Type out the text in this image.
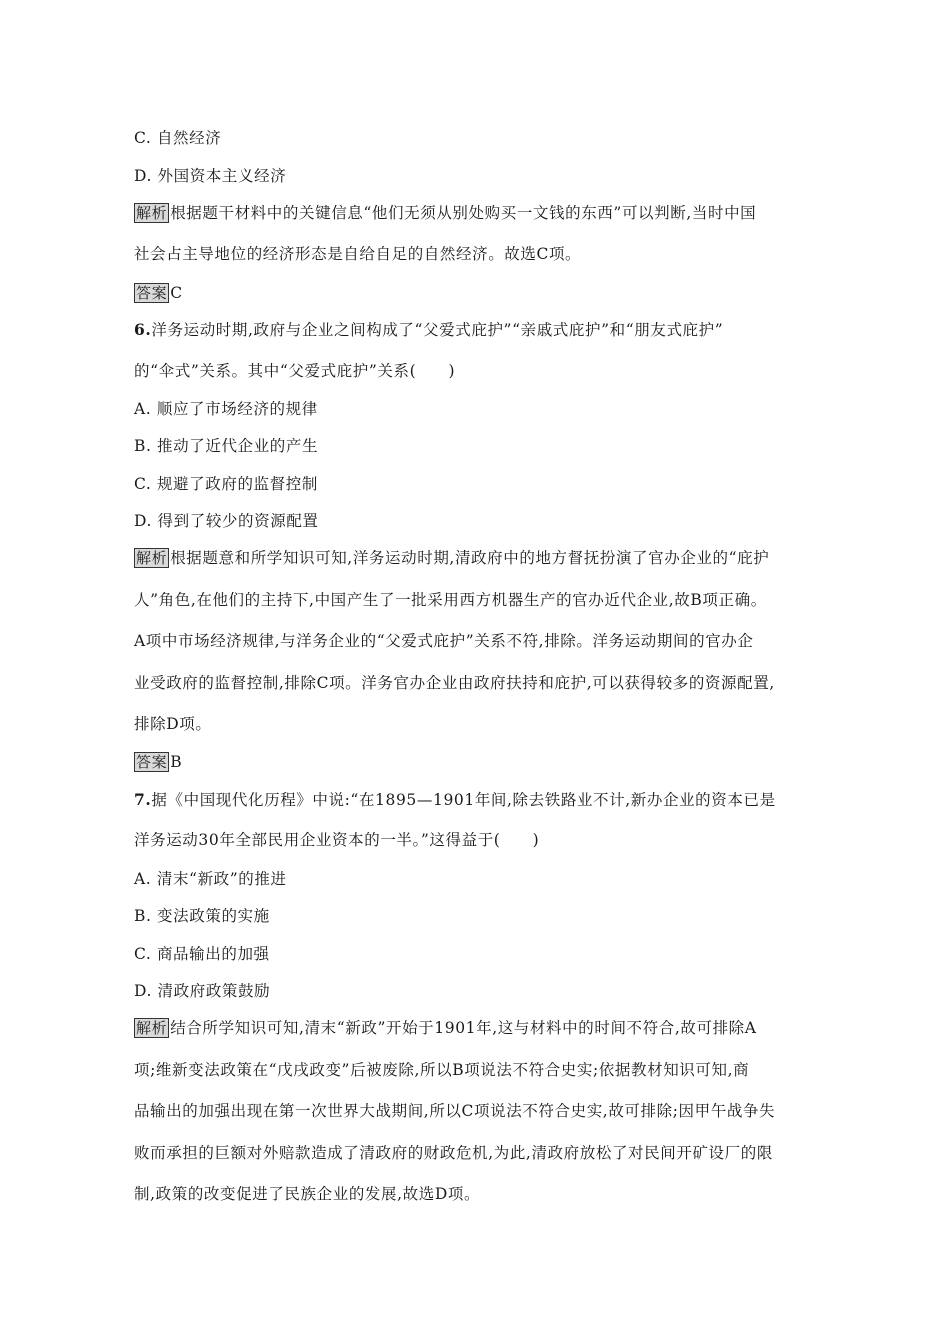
C. 自然经济
D. 外国资本主义经济
解析 根据题干材料中的关键信息“他们无须从别处购买一文钱的东西”可以判断,当时中国
社会占主导地位的经济形态是自给自足的自然经济。故选C项。
答案 C
6.洋务运动时期,政府与企业之间构成了“父爱式庇护”“亲戚式庇护”和“朋友式庇护”
的“伞式”关系。其中“父爱式庇护”关系(　　)
A. 顺应了市场经济的规律
B. 推动了近代企业的产生
C. 规避了政府的监督控制
D. 得到了较少的资源配置
解析 根据题意和所学知识可知,洋务运动时期,清政府中的地方督抚扮演了官办企业的“庇护
人”角色,在他们的主持下,中国产生了一批采用西方机器生产的官办近代企业,故B项正确。
A项中市场经济规律,与洋务企业的“父爱式庇护”关系不符,排除。洋务运动期间的官办企
业受政府的监督控制,排除C项。洋务官办企业由政府扶持和庇护,可以获得较多的资源配置,
排除D项。
答案 B
7.据《中国现代化历程》中说:“在1895—1901年间,除去铁路业不计,新办企业的资本已是
洋务运动30年全部民用企业资本的一半。”这得益于(　　)
A. 清末“新政”的推进
B. 变法政策的实施
C. 商品输出的加强
D. 清政府政策鼓励
解析 结合所学知识可知,清末“新政”开始于1901年,这与材料中的时间不符合,故可排除A
项;维新变法政策在“戊戌政变”后被废除,所以B项说法不符合史实;依据教材知识可知,商
品输出的加强出现在第一次世界大战期间,所以C项说法不符合史实,故可排除;因甲午战争失
败而承担的巨额对外赔款造成了清政府的财政危机,为此,清政府放松了对民间开矿设厂的限
制,政策的改变促进了民族企业的发展,故选D项。
